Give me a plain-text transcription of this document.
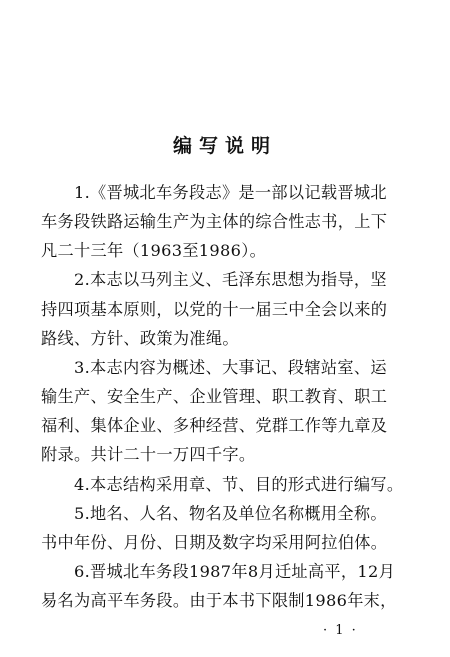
编写说明
1.《晋城北车务段志》是一部以记载晋城北
车务段铁路运输生产为主体的综合性志书，上下
凡二十三年（1963至1986）。
2.本志以马列主义、毛泽东思想为指导，坚
持四项基本原则，以党的十一届三中全会以来的
路线、方针、政策为准绳。
3.本志内容为概述、大事记、段辖站室、运
输生产、安全生产、企业管理、职工教育、职工
福利、集体企业、多种经营、党群工作等九章及
附录。共计二十一万四千字。
4.本志结构采用章、节、目的形式进行编写。
5.地名、人名、物名及单位名称概用全称。
书中年份、月份、日期及数字均采用阿拉伯体。
6.晋城北车务段1987年8月迁址高平，12月
易名为高平车务段。由于本书下限制1986年末，
· 1 ·
